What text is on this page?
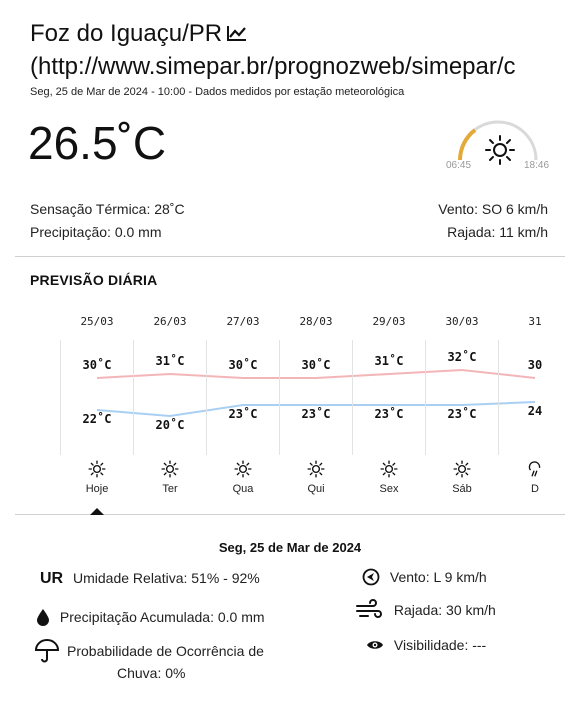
Foz do Iguaçu/PR
(http://www.simepar.br/prognozweb/simepar/c
Seg, 25 de Mar de 2024 - 10:00 - Dados medidos por estação meteorológica
26.5˚C	06:45	18:46
Sensação Térmica: 28˚C
Precipitação: 0.0 mm
Vento: SO 6 km/h
Rajada: 11 km/h
PREVISÃO DIÁRIA
25/03
30˚C
22˚C
Hoje
26/03
31˚C
20˚C
Ter
27/03
30˚C
23˚C
Qua
28/03
30˚C
23˚C
Qui
29/03
31˚C
23˚C
Sex
30/03
32˚C
23˚C
Sáb
31
30
24
D
Seg, 25 de Mar de 2024
UR Umidade Relativa: 51% - 92%
Precipitação Acumulada: 0.0 mm
Probabilidade de Ocorrência de
Chuva: 0%
Vento: L 9 km/h
Rajada: 30 km/h
Visibilidade: ---
